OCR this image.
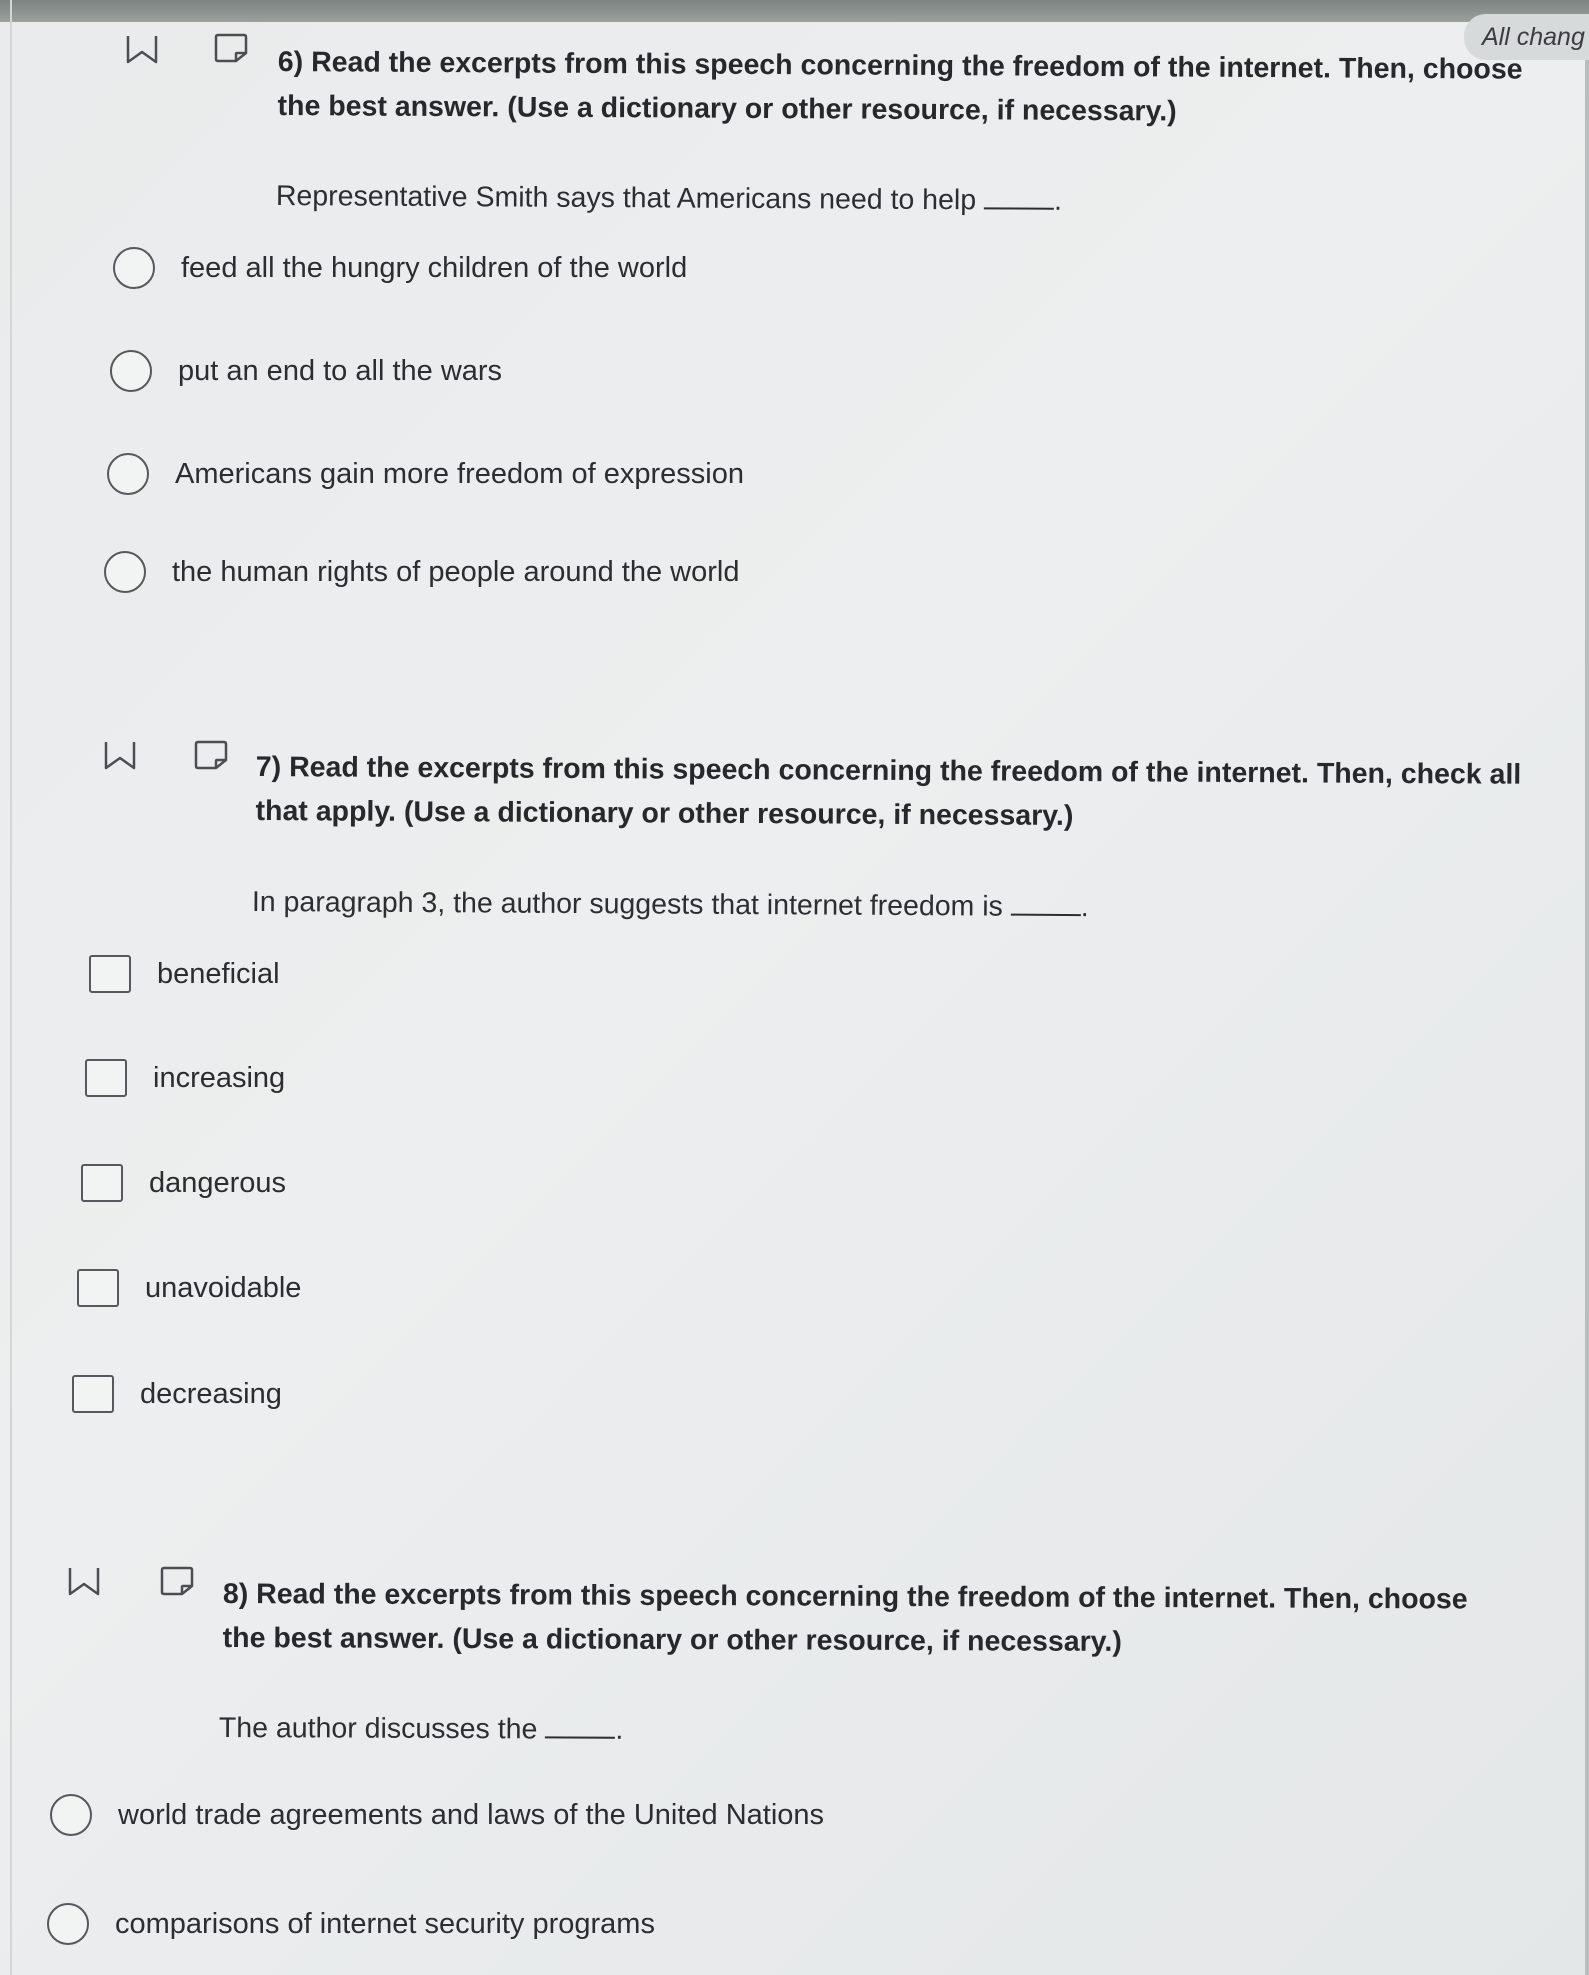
All chang
6) Read the excerpts from this speech concerning the freedom of the internet. Then, choose the best answer. (Use a dictionary or other resource, if necessary.)
Representative Smith says that Americans need to help	.
feed all the hungry children of the world
put an end to all the wars
Americans gain more freedom of expression
the human rights of people around the world
7) Read the excerpts from this speech concerning the freedom of the internet. Then, check all that apply. (Use a dictionary or other resource, if necessary.)
In paragraph 3, the author suggests that internet freedom is	.
beneficial
increasing
dangerous
unavoidable
decreasing
8) Read the excerpts from this speech concerning the freedom of the internet. Then, choose the best answer. (Use a dictionary or other resource, if necessary.)
The author discusses the	.
world trade agreements and laws of the United Nations
comparisons of internet security programs
